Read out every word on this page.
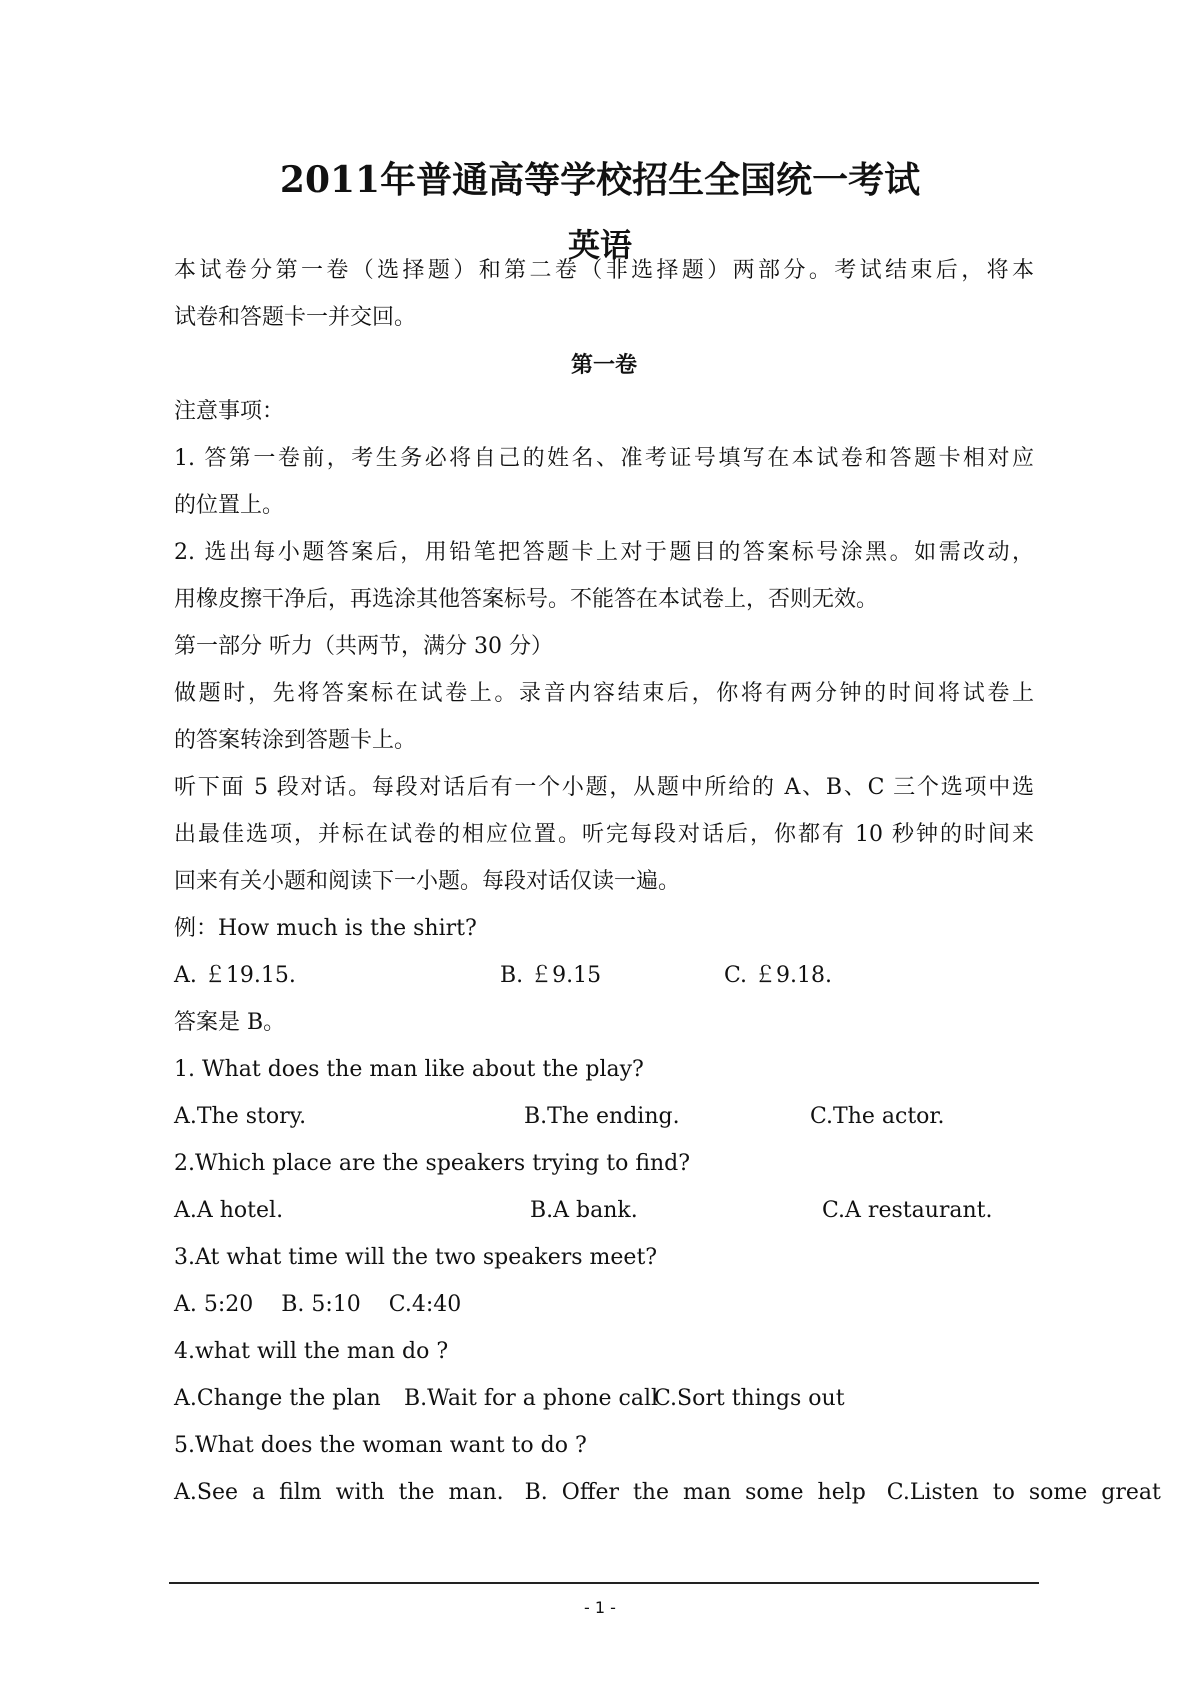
2011年普通高等学校招生全国统一考试
英语
本试卷分第一卷（选择题）和第二卷（非选择题）两部分。考试结束后，将本
试卷和答题卡一并交回。
第一卷
注意事项：
1. 答第一卷前，考生务必将自己的姓名、准考证号填写在本试卷和答题卡相对应
的位置上。
2. 选出每小题答案后，用铅笔把答题卡上对于题目的答案标号涂黑。如需改动，
用橡皮擦干净后，再选涂其他答案标号。不能答在本试卷上，否则无效。
第一部分 听力（共两节，满分 30 分）
做题时，先将答案标在试卷上。录音内容结束后，你将有两分钟的时间将试卷上
的答案转涂到答题卡上。
听下面 5 段对话。每段对话后有一个小题，从题中所给的 A、B、C 三个选项中选
出最佳选项，并标在试卷的相应位置。听完每段对话后，你都有 10 秒钟的时间来
回来有关小题和阅读下一小题。每段对话仅读一遍。
例：How much is the shirt?
A. ￡19.15.	B. ￡9.15	C. ￡9.18.
答案是 B。
1. What does the man like about the play?
A.The story.	B.The ending.	C.The actor.
2.Which place are the speakers trying to find?
A.A hotel.	B.A bank.	C.A restaurant.
3.At what time will the two speakers meet?
A. 5:20    B. 5:10    C.4:40
4.what will the man do ?
A.Change the plan B.Wait for a phone call
C.Sort things out
5.What does the woman want to do ?
A.See  a  film  with  the  man.   B.  Offer  the  man  some  help   C.Listen  to  some  great
- 1 -
